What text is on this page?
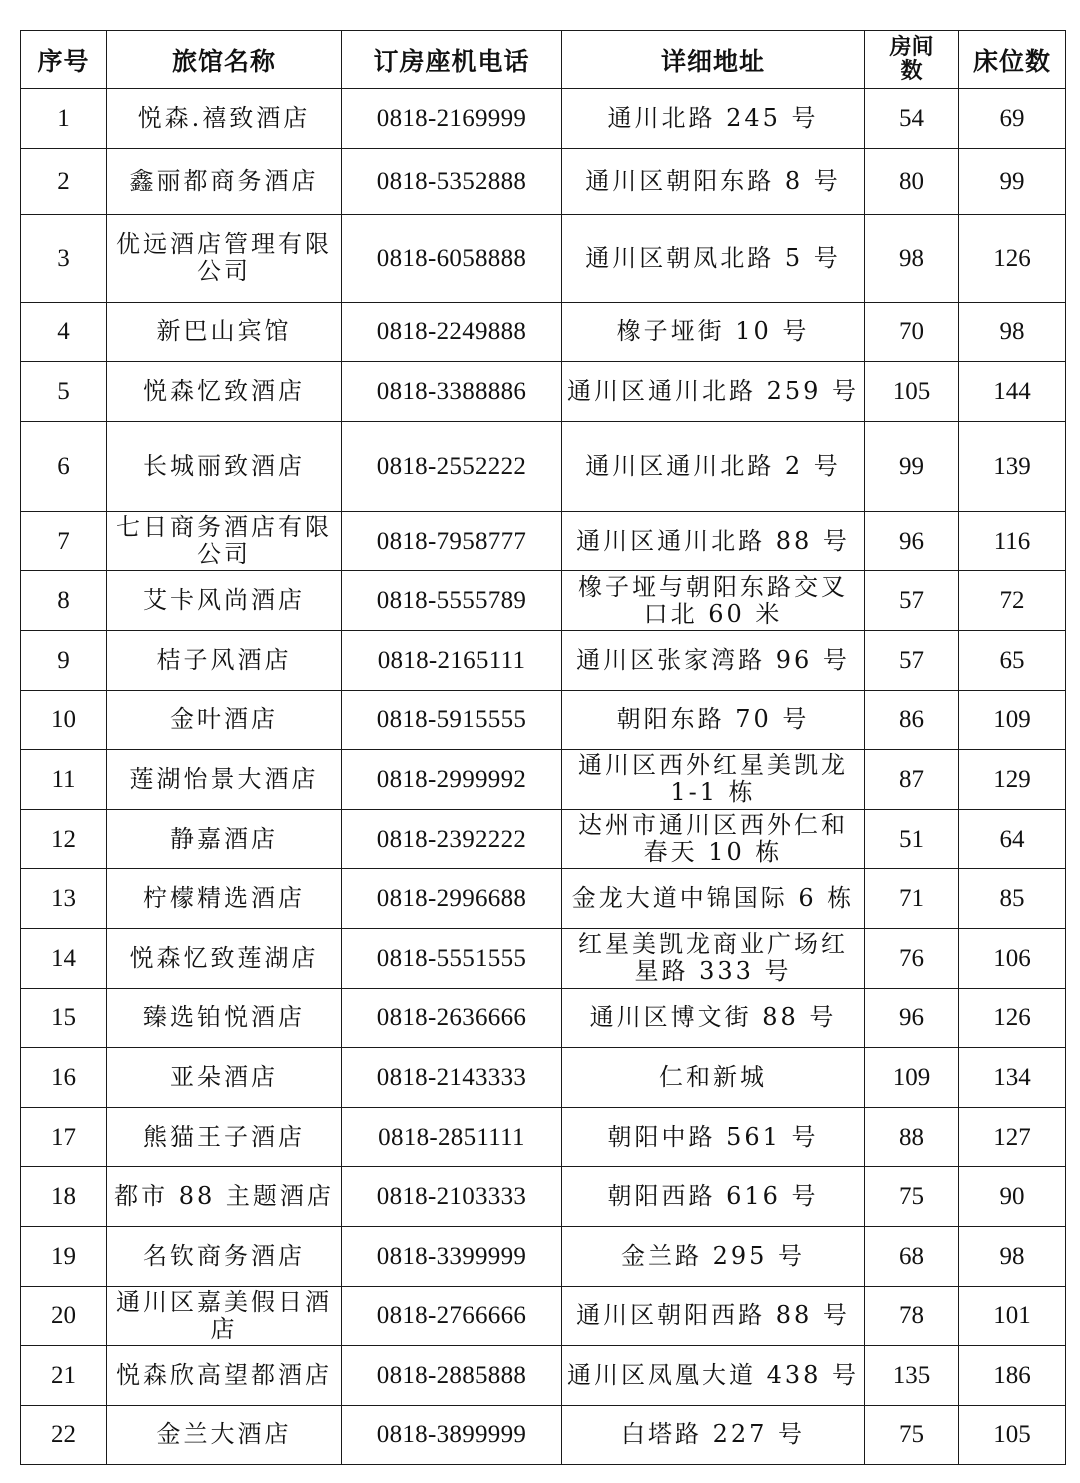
序号	旅馆名称	订房座机电话	详细地址	房间数	床位数
1	悦森.禧致酒店	0818-2169999	通川北路 245 号	54	69
2	鑫丽都商务酒店	0818-5352888	通川区朝阳东路 8 号	80	99
3	优远酒店管理有限公司	0818-6058888	通川区朝凤北路 5 号	98	126
4	新巴山宾馆	0818-2249888	橡子垭街 10 号	70	98
5	悦森忆致酒店	0818-3388886	通川区通川北路 259 号	105	144
6	长城丽致酒店	0818-2552222	通川区通川北路 2 号	99	139
7	七日商务酒店有限公司	0818-7958777	通川区通川北路 88 号	96	116
8	艾卡风尚酒店	0818-5555789	橡子垭与朝阳东路交叉口北 60 米	57	72
9	桔子风酒店	0818-2165111	通川区张家湾路 96 号	57	65
10	金叶酒店	0818-5915555	朝阳东路 70 号	86	109
11	莲湖怡景大酒店	0818-2999992	通川区西外红星美凯龙1-1 栋	87	129
12	静嘉酒店	0818-2392222	达州市通川区西外仁和春天 10 栋	51	64
13	柠檬精选酒店	0818-2996688	金龙大道中锦国际 6 栋	71	85
14	悦森忆致莲湖店	0818-5551555	红星美凯龙商业广场红星路 333 号	76	106
15	臻选铂悦酒店	0818-2636666	通川区博文街 88 号	96	126
16	亚朵酒店	0818-2143333	仁和新城	109	134
17	熊猫王子酒店	0818-2851111	朝阳中路 561 号	88	127
18	都市 88 主题酒店	0818-2103333	朝阳西路 616 号	75	90
19	名钦商务酒店	0818-3399999	金兰路 295 号	68	98
20	通川区嘉美假日酒店	0818-2766666	通川区朝阳西路 88 号	78	101
21	悦森欣高望都酒店	0818-2885888	通川区凤凰大道 438 号	135	186
22	金兰大酒店	0818-3899999	白塔路 227 号	75	105
